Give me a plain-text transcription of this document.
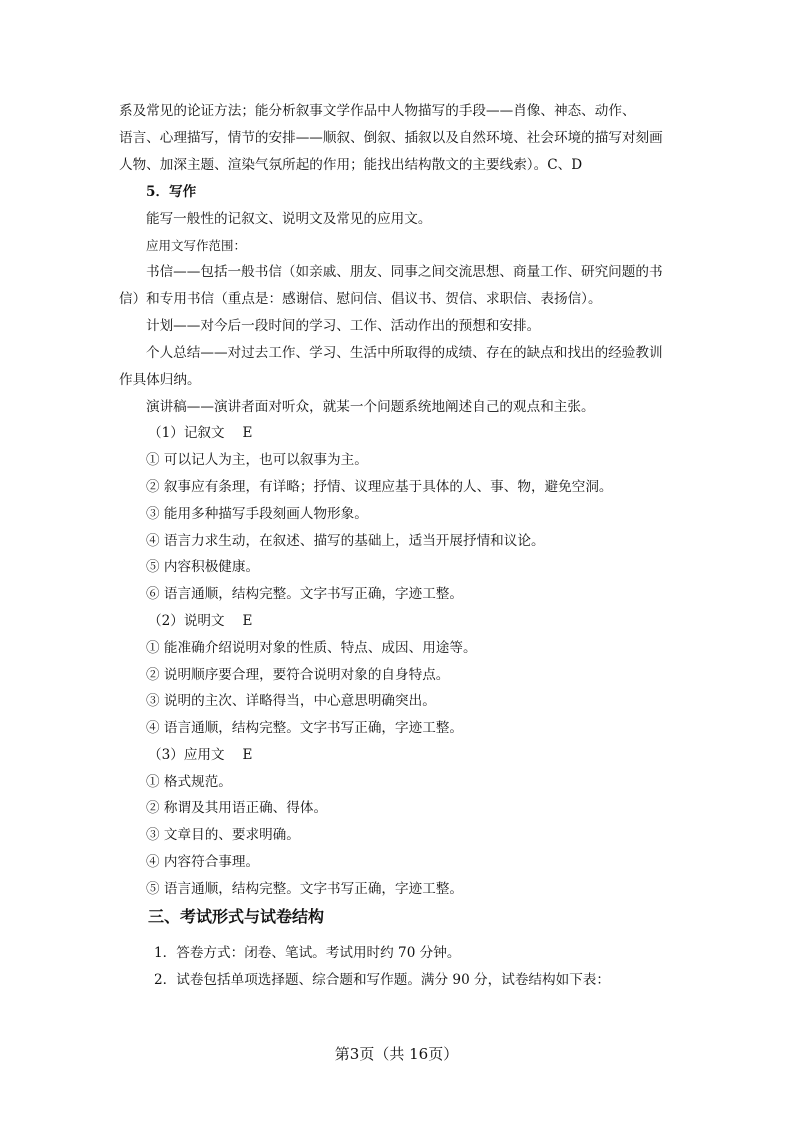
系及常见的论证方法；能分析叙事文学作品中人物描写的手段——肖像、神态、动作、
语言、心理描写，情节的安排——顺叙、倒叙、插叙以及自然环境、社会环境的描写对刻画
人物、加深主题、渲染气氛所起的作用；能找出结构散文的主要线索）。C、D
5．写作
能写一般性的记叙文、说明文及常见的应用文。
应用文写作范围：
书信——包括一般书信（如亲戚、朋友、同事之间交流思想、商量工作、研究问题的书
信）和专用书信（重点是：感谢信、慰问信、倡议书、贺信、求职信、表扬信）。
计划——对今后一段时间的学习、工作、活动作出的预想和安排。
个人总结——对过去工作、学习、生活中所取得的成绩、存在的缺点和找出的经验教训
作具体归纳。
演讲稿——演讲者面对听众，就某一个问题系统地阐述自己的观点和主张。
（1）记叙文　 E
① 可以记人为主，也可以叙事为主。
② 叙事应有条理，有详略；抒情、议理应基于具体的人、事、物，避免空洞。
③ 能用多种描写手段刻画人物形象。
④ 语言力求生动，在叙述、描写的基础上，适当开展抒情和议论。
⑤ 内容积极健康。
⑥ 语言通顺，结构完整。文字书写正确，字迹工整。
（2）说明文　 E
① 能准确介绍说明对象的性质、特点、成因、用途等。
② 说明顺序要合理，要符合说明对象的自身特点。
③ 说明的主次、详略得当，中心意思明确突出。
④ 语言通顺，结构完整。文字书写正确，字迹工整。
（3）应用文　 E
① 格式规范。
② 称谓及其用语正确、得体。
③ 文章目的、要求明确。
④ 内容符合事理。
⑤ 语言通顺，结构完整。文字书写正确，字迹工整。
三、考试形式与试卷结构
1．答卷方式：闭卷、笔试。考试用时约 70 分钟。
2．试卷包括单项选择题、综合题和写作题。满分 90 分，试卷结构如下表：
第3页（共 16页）
